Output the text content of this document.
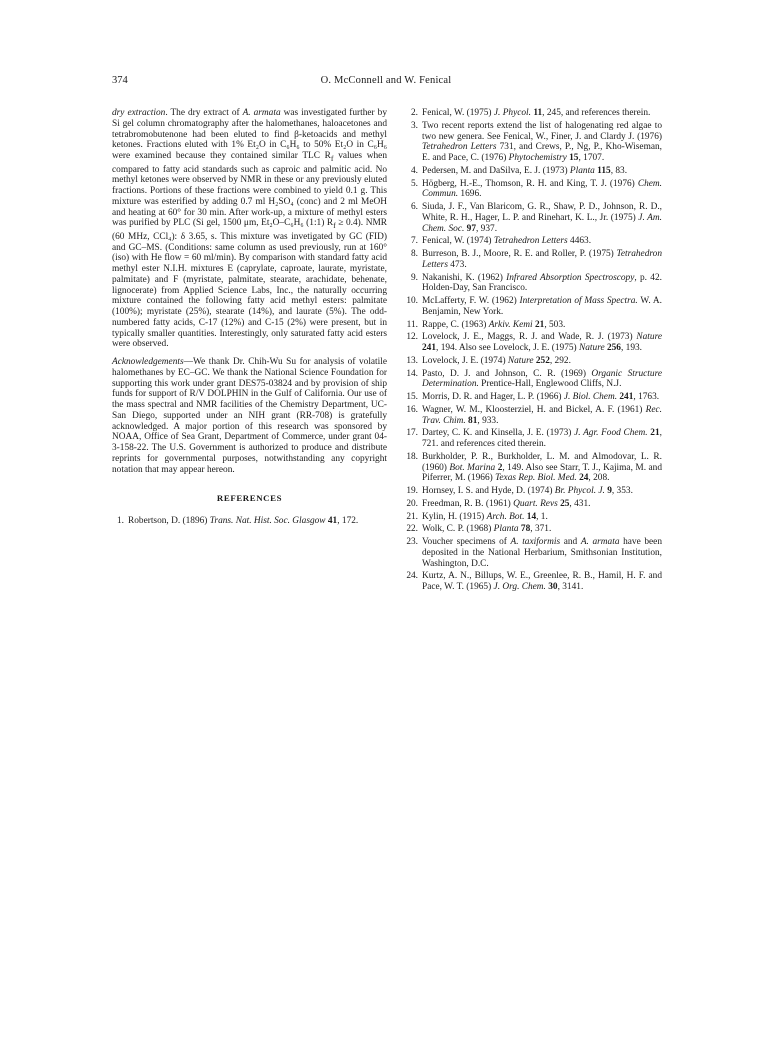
374	O. McConnell and W. Fenical

dry extraction. The dry extract of A. armata was investigated further by Si gel column chromatography after the halomethanes, haloacetones and tetrabromobutenone had been eluted to find β-ketoacids and methyl ketones. Fractions eluted with 1% Et₂O in C₆H₆ to 50% Et₂O in C₆H₆ were examined because they contained similar TLC $R_f$ values when compared to fatty acid standards such as caproic and palmitic acid. No methyl ketones were observed by NMR in these or any previously eluted fractions. Portions of these fractions were combined to yield 0.1 g. This mixture was esterified by adding 0.7 ml H₂SO₄ (conc) and 2 ml MeOH and heating at 60° for 30 min. After work-up, a mixture of methyl esters was purified by PLC (Si gel, 1500 μm, Et₂O–C₆H₆ (1:1) $R_f \ge 0.4$). NMR (60 MHz, CCl₄): δ 3.65, s. This mixture was invetigated by GC (FID) and GC–MS. (Conditions: same column as used previously, run at 160° (iso) with He flow = 60 ml/min). By comparison with standard fatty acid methyl ester N.I.H. mixtures E (caprylate, caproate, laurate, myristate, palmitate) and F (myristate, palmitate, stearate, arachidate, behenate, lignocerate) from Applied Science Labs, Inc., the naturally occurring mixture contained the following fatty acid methyl esters: palmitate (100%); myristate (25%), stearate (14%), and laurate (5%). The odd-numbered fatty acids, C-17 (12%) and C-15 (2%) were present, but in typically smaller quantities. Interestingly, only saturated fatty acid esters were observed.

Acknowledgements—We thank Dr. Chih-Wu Su for analysis of volatile halomethanes by EC–GC. We thank the National Science Foundation for supporting this work under grant DES75-03824 and by provision of ship funds for support of R/V DOLPHIN in the Gulf of California. Our use of the mass spectral and NMR facilities of the Chemistry Department, UC-San Diego, supported under an NIH grant (RR-708) is gratefully acknowledged. A major portion of this research was sponsored by NOAA, Office of Sea Grant, Department of Commerce, under grant 04-3-158-22. The U.S. Government is authorized to produce and distribute reprints for governmental purposes, notwithstanding any copyright notation that may appear hereon.

REFERENCES
1. Robertson, D. (1896) Trans. Nat. Hist. Soc. Glasgow 41, 172.
2. Fenical, W. (1975) J. Phycol. 11, 245, and references therein.
3. Two recent reports extend the list of halogenating red algae to two new genera. See Fenical, W., Finer, J. and Clardy J. (1976) Tetrahedron Letters 731, and Crews, P., Ng, P., Kho-Wiseman, E. and Pace, C. (1976) Phytochemistry 15, 1707.
4. Pedersen, M. and DaSilva, E. J. (1973) Planta 115, 83.
5. Högberg, H.-E., Thomson, R. H. and King, T. J. (1976) Chem. Commun. 1696.
6. Siuda, J. F., Van Blaricom, G. R., Shaw, P. D., Johnson, R. D., White, R. H., Hager, L. P. and Rinehart, K. L., Jr. (1975) J. Am. Chem. Soc. 97, 937.
7. Fenical, W. (1974) Tetrahedron Letters 4463.
8. Burreson, B. J., Moore, R. E. and Roller, P. (1975) Tetrahedron Letters 473.
9. Nakanishi, K. (1962) Infrared Absorption Spectroscopy, p. 42. Holden-Day, San Francisco.
10. McLafferty, F. W. (1962) Interpretation of Mass Spectra. W. A. Benjamin, New York.
11. Rappe, C. (1963) Arkiv. Kemi 21, 503.
12. Lovelock, J. E., Maggs, R. J. and Wade, R. J. (1973) Nature 241, 194. Also see Lovelock, J. E. (1975) Nature 256, 193.
13. Lovelock, J. E. (1974) Nature 252, 292.
14. Pasto, D. J. and Johnson, C. R. (1969) Organic Structure Determination. Prentice-Hall, Englewood Cliffs, N.J.
15. Morris, D. R. and Hager, L. P. (1966) J. Biol. Chem. 241, 1763.
16. Wagner, W. M., Kloosterziel, H. and Bickel, A. F. (1961) Rec. Trav. Chim. 81, 933.
17. Dartey, C. K. and Kinsella, J. E. (1973) J. Agr. Food Chem. 21, 721. and references cited therein.
18. Burkholder, P. R., Burkholder, L. M. and Almodovar, L. R. (1960) Bot. Marina 2, 149. Also see Starr, T. J., Kajima, M. and Piferrer, M. (1966) Texas Rep. Biol. Med. 24, 208.
19. Hornsey, I. S. and Hyde, D. (1974) Br. Phycol. J. 9, 353.
20. Freedman, R. B. (1961) Quart. Revs 25, 431.
21. Kylin, H. (1915) Arch. Bot. 14, 1.
22. Wolk, C. P. (1968) Planta 78, 371.
23. Voucher specimens of A. taxiformis and A. armata have been deposited in the National Herbarium, Smithsonian Institution, Washington, D.C.
24. Kurtz, A. N., Billups, W. E., Greenlee, R. B., Hamil, H. F. and Pace, W. T. (1965) J. Org. Chem. 30, 3141.
